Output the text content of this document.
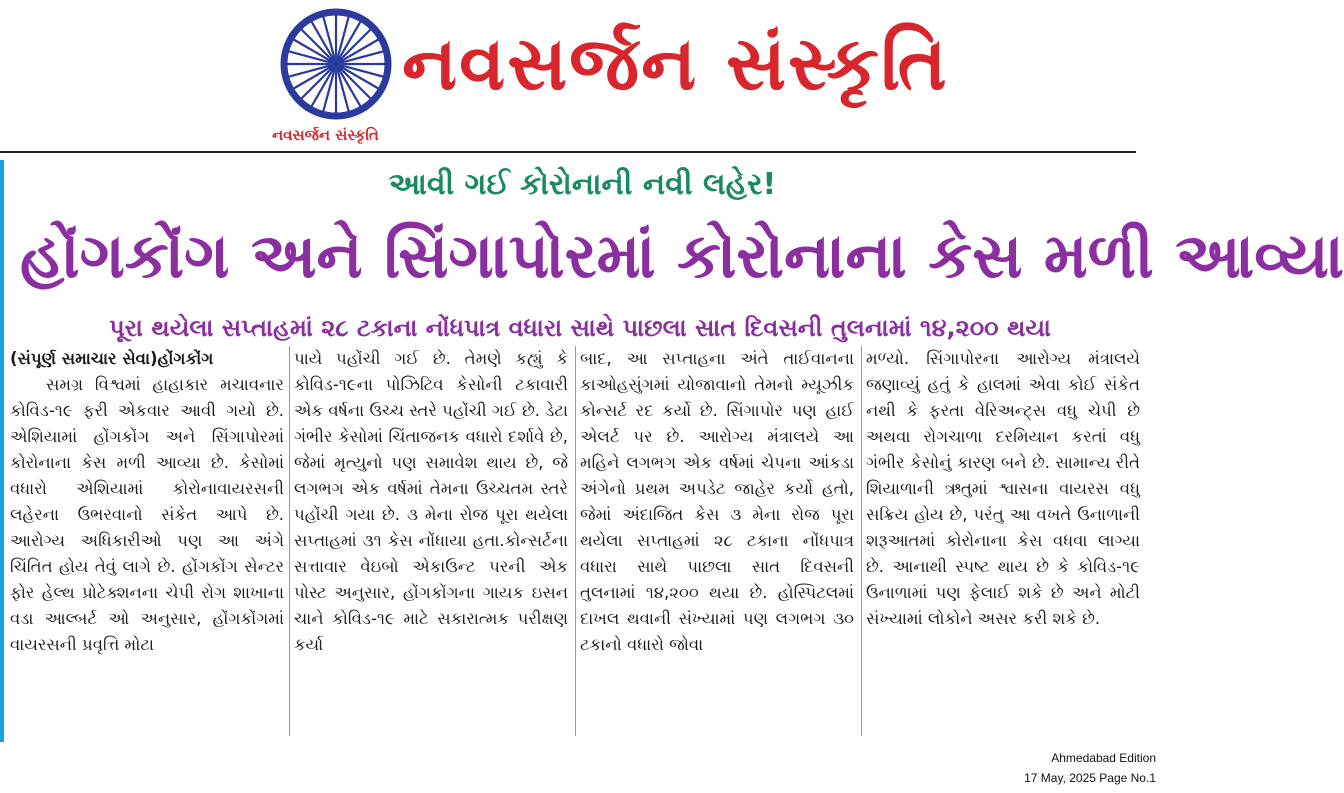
નવસર્જન સંસ્કૃતિ
નવસર્જન સંસ્કૃતિ
આવી ગઈ કોરોનાની નવી લહેર!
હોંગકોંગ અને સિંગાપોરમાં કોરોનાના કેસ મળી આવ્યા
પૂરા થયેલા સપ્તાહમાં ૨૮ ટકાના નોંધપાત્ર વધારા સાથે પાછલા સાત દિવસની તુલનામાં ૧૪,૨૦૦ થયા

(સંપૂર્ણ સમાચાર સેવા)હોંગકોંગ

સમગ્ર વિશ્વમાં હાહાકાર મચાવનાર કોવિડ-૧૯ ફરી એકવાર આવી ગયો છે. એશિયામાં હોંગકોંગ અને સિંગાપોરમાં કોરોનાના કેસ મળી આવ્યા છે. કેસોમાં વધારો એશિયામાં કોરોનાવાયરસની લહેરના ઉભરવાનો સંકેત આપે છે. આરોગ્ય અધિકારીઓ પણ આ અંગે ચિંતિત હોય તેવું લાગે છે. હોંગકોંગ સેન્ટર ફોર હેલ્થ પ્રોટેક્શનના ચેપી રોગ શાખાના વડા આલ્બર્ટ ઓ અનુસાર, હોંગકોંગમાં વાયરસની પ્રવૃત્તિ મોટા

પાયે પહોંચી ગઈ છે. તેમણે કહ્યું કે કોવિડ-૧૯ના પોઝિટિવ કેસોની ટકાવારી એક વર્ષના ઉચ્ચ સ્તરે પહોંચી ગઈ છે. ડેટા ગંભીર કેસોમાં ચિંતાજનક વધારો દર્શાવે છે, જેમાં મૃત્યુનો પણ સમાવેશ થાય છે, જે લગભગ એક વર્ષમાં તેમના ઉચ્ચતમ સ્તરે પહોંચી ગયા છે. ૩ મેના રોજ પૂરા થયેલા સપ્તાહમાં ૩૧ કેસ નોંધાયા હતા.કોન્સર્ટના સત્તાવાર વેઇબો એકાઉન્ટ પરની એક પોસ્ટ અનુસાર, હોંગકોંગના ગાયક ઇસન ચાને કોવિડ-૧૯ માટે સકારાત્મક પરીક્ષણ કર્યા

બાદ, આ સપ્તાહના અંતે તાઈવાનના કાઓહસુંગમાં યોજાવાનો તેમનો મ્યૂઝીક કોન્સર્ટ રદ કર્યો છે. સિંગાપોર પણ હાઈ એલર્ટ પર છે. આરોગ્ય મંત્રાલયે આ મહિને લગભગ એક વર્ષમાં ચેપના આંકડા અંગેનો પ્રથમ અપડેટ જાહેર કર્યો હતો, જેમાં અંદાજિત કેસ ૩ મેના રોજ પૂરા થયેલા સપ્તાહમાં ૨૮ ટકાના નોંધપાત્ર વધારા સાથે પાછલા સાત દિવસની તુલનામાં ૧૪,૨૦૦ થયા છે. હોસ્પિટલમાં દાખલ થવાની સંખ્યામાં પણ લગભગ ૩૦ ટકાનો વધારો જોવા

મળ્યો. સિંગાપોરના આરોગ્ય મંત્રાલયે જણાવ્યું હતું કે હાલમાં એવા કોઈ સંકેત નથી કે ફરતા વેરિઅન્ટ્સ વધુ ચેપી છે અથવા રોગચાળા દરમિયાન કરતાં વધુ ગંભીર કેસોનું કારણ બને છે. સામાન્ય રીતે શિયાળાની ઋતુમાં શ્વાસના વાયરસ વધુ સક્રિય હોય છે, પરંતુ આ વખતે ઉનાળાની શરૂઆતમાં કોરોનાના કેસ વધવા લાગ્યા છે. આનાથી સ્પષ્ટ થાય છે કે કોવિડ-૧૯ ઉનાળામાં પણ ફેલાઈ શકે છે અને મોટી સંખ્યામાં લોકોને અસર કરી શકે છે.

Ahmedabad Edition
17 May, 2025 Page No.1
